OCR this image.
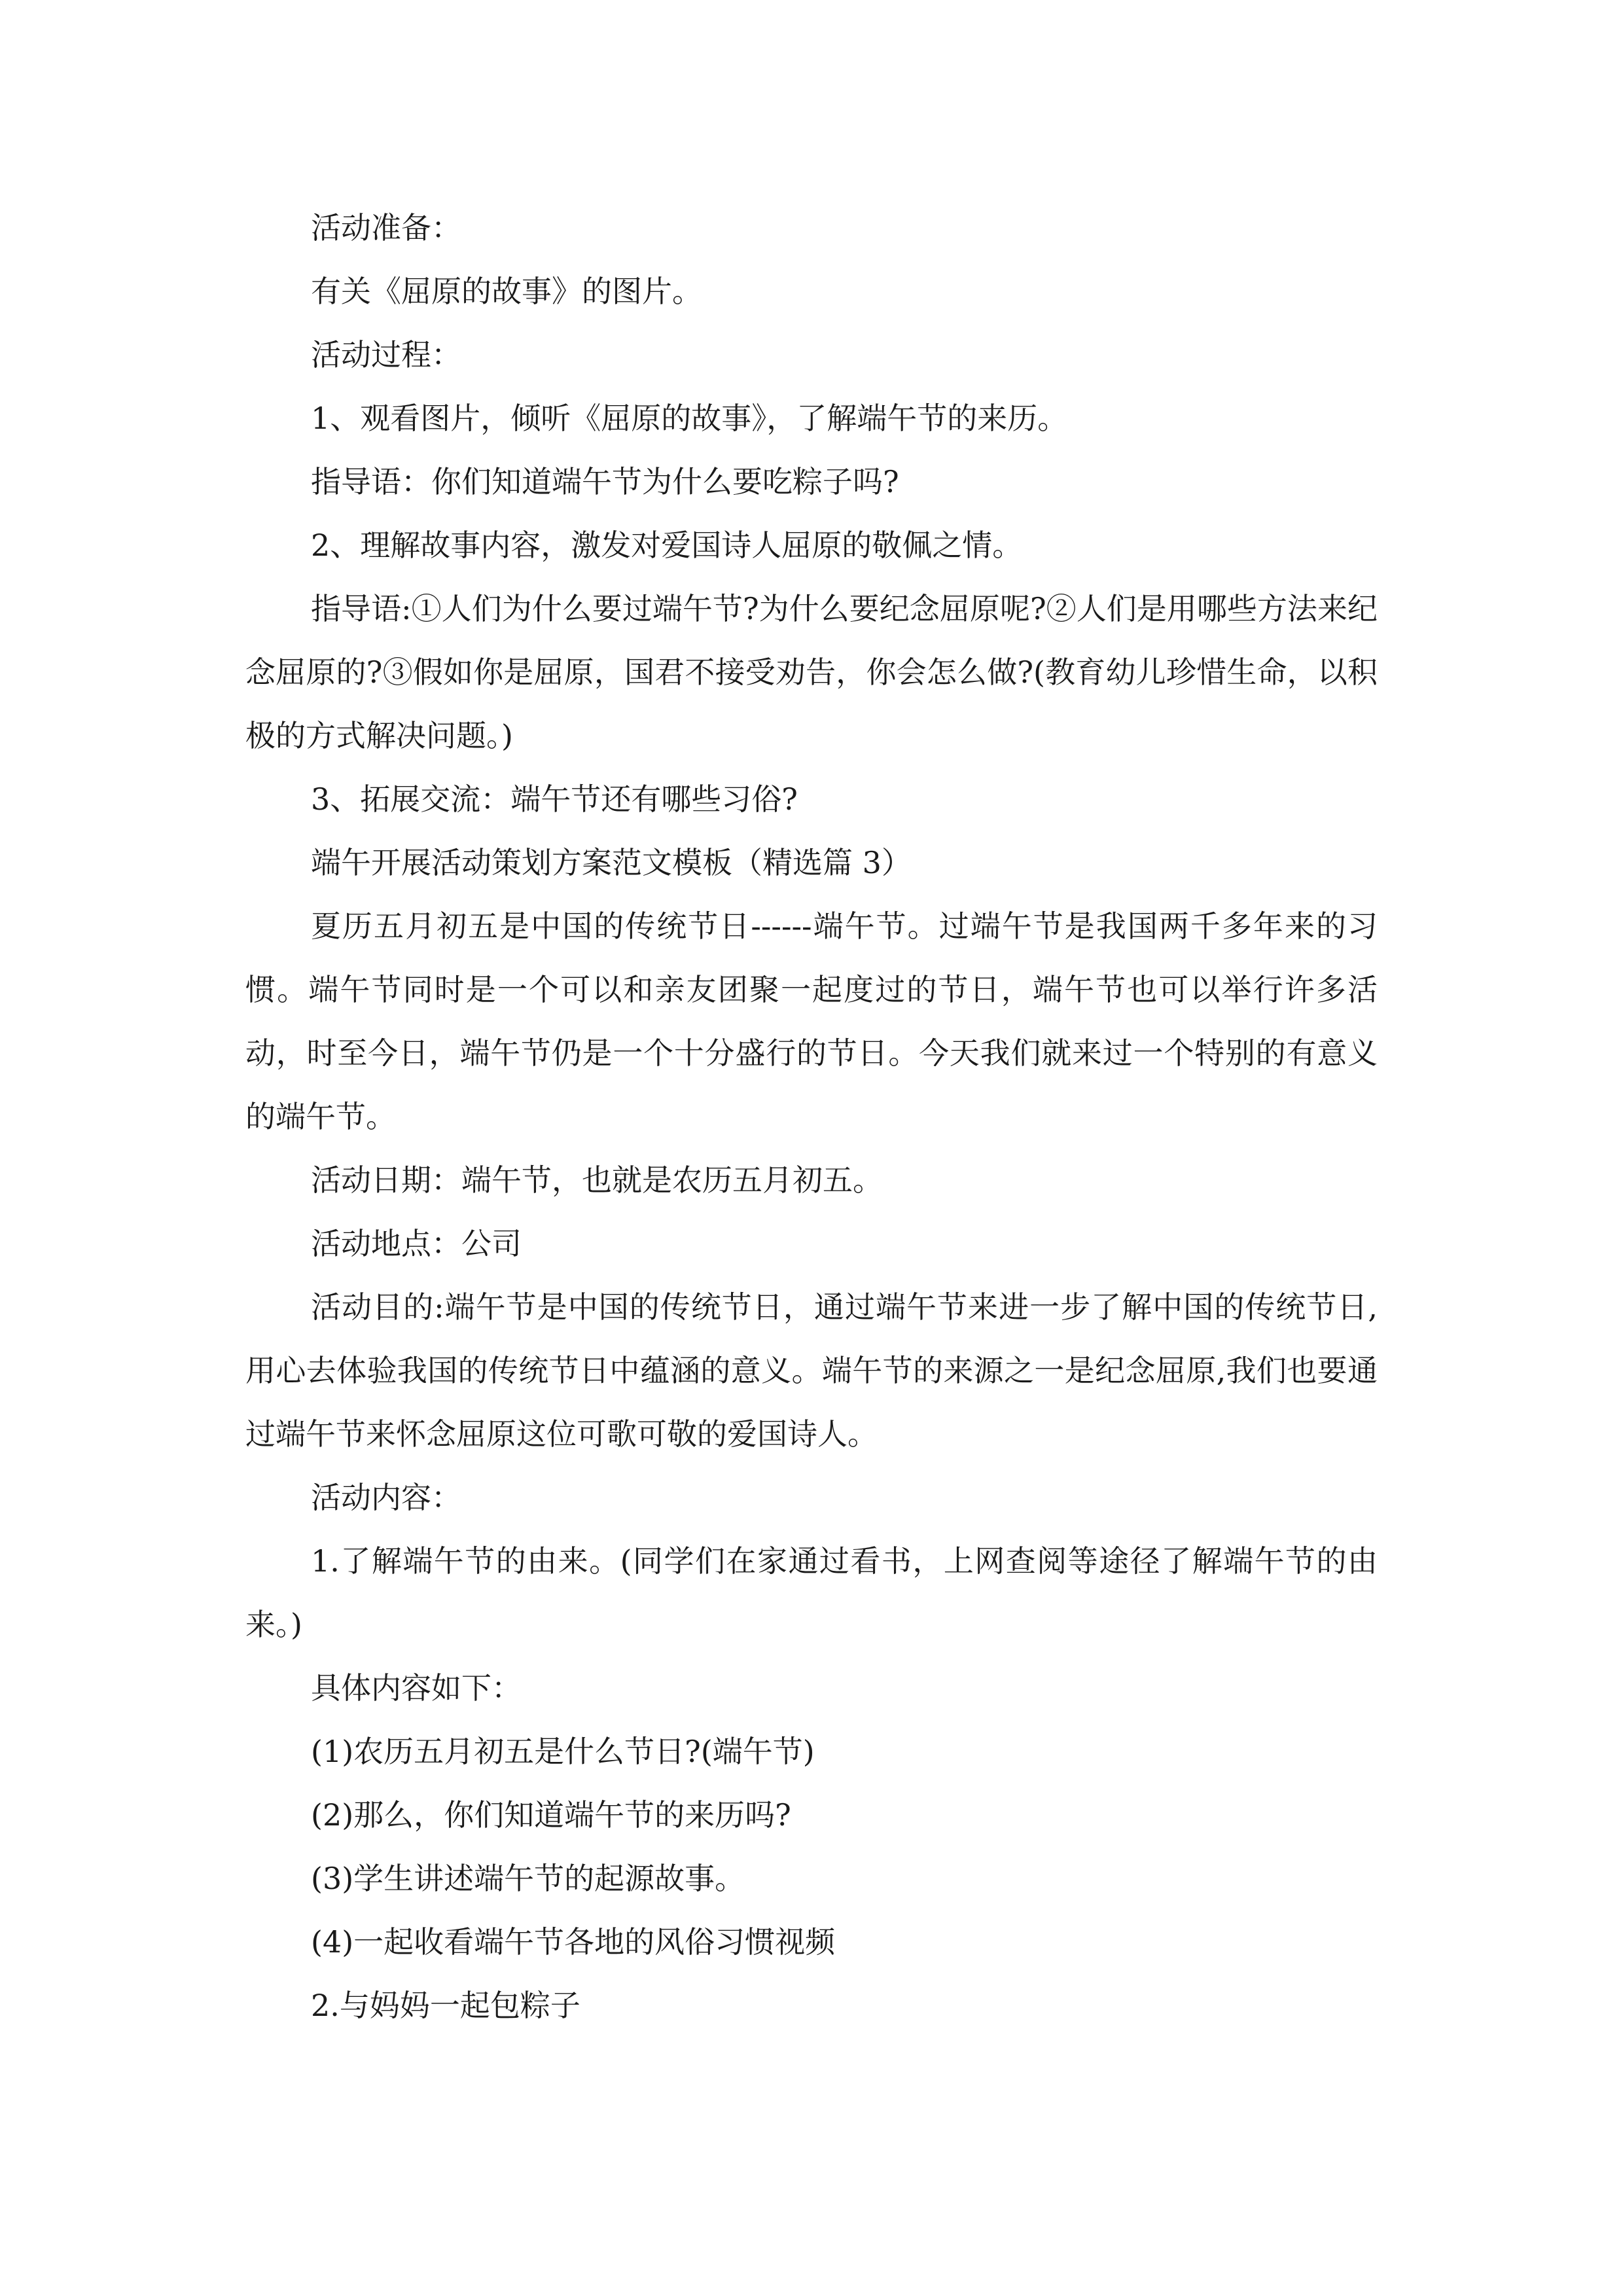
活动准备：

有关《屈原的故事》的图片。

活动过程：

1、观看图片，倾听《屈原的故事》，了解端午节的来历。

指导语：你们知道端午节为什么要吃粽子吗?

2、理解故事内容，激发对爱国诗人屈原的敬佩之情。

指导语:①人们为什么要过端午节?为什么要纪念屈原呢?②人们是用哪些方法来纪念屈原的?③假如你是屈原，国君不接受劝告，你会怎么做?(教育幼儿珍惜生命，以积极的方式解决问题。)

3、拓展交流：端午节还有哪些习俗?

端午开展活动策划方案范文模板（精选篇 3）

夏历五月初五是中国的传统节日------端午节。过端午节是我国两千多年来的习惯。端午节同时是一个可以和亲友团聚一起度过的节日，端午节也可以举行许多活动，时至今日，端午节仍是一个十分盛行的节日。今天我们就来过一个特别的有意义的端午节。

活动日期：端午节，也就是农历五月初五。

活动地点：公司

活动目的:端午节是中国的传统节日，通过端午节来进一步了解中国的传统节日,用心去体验我国的传统节日中蕴涵的意义。端午节的来源之一是纪念屈原,我们也要通过端午节来怀念屈原这位可歌可敬的爱国诗人。

活动内容：

1.了解端午节的由来。(同学们在家通过看书，上网查阅等途径了解端午节的由来。)

具体内容如下：

(1)农历五月初五是什么节日?(端午节)

(2)那么，你们知道端午节的来历吗?

(3)学生讲述端午节的起源故事。

(4)一起收看端午节各地的风俗习惯视频

2.与妈妈一起包粽子
